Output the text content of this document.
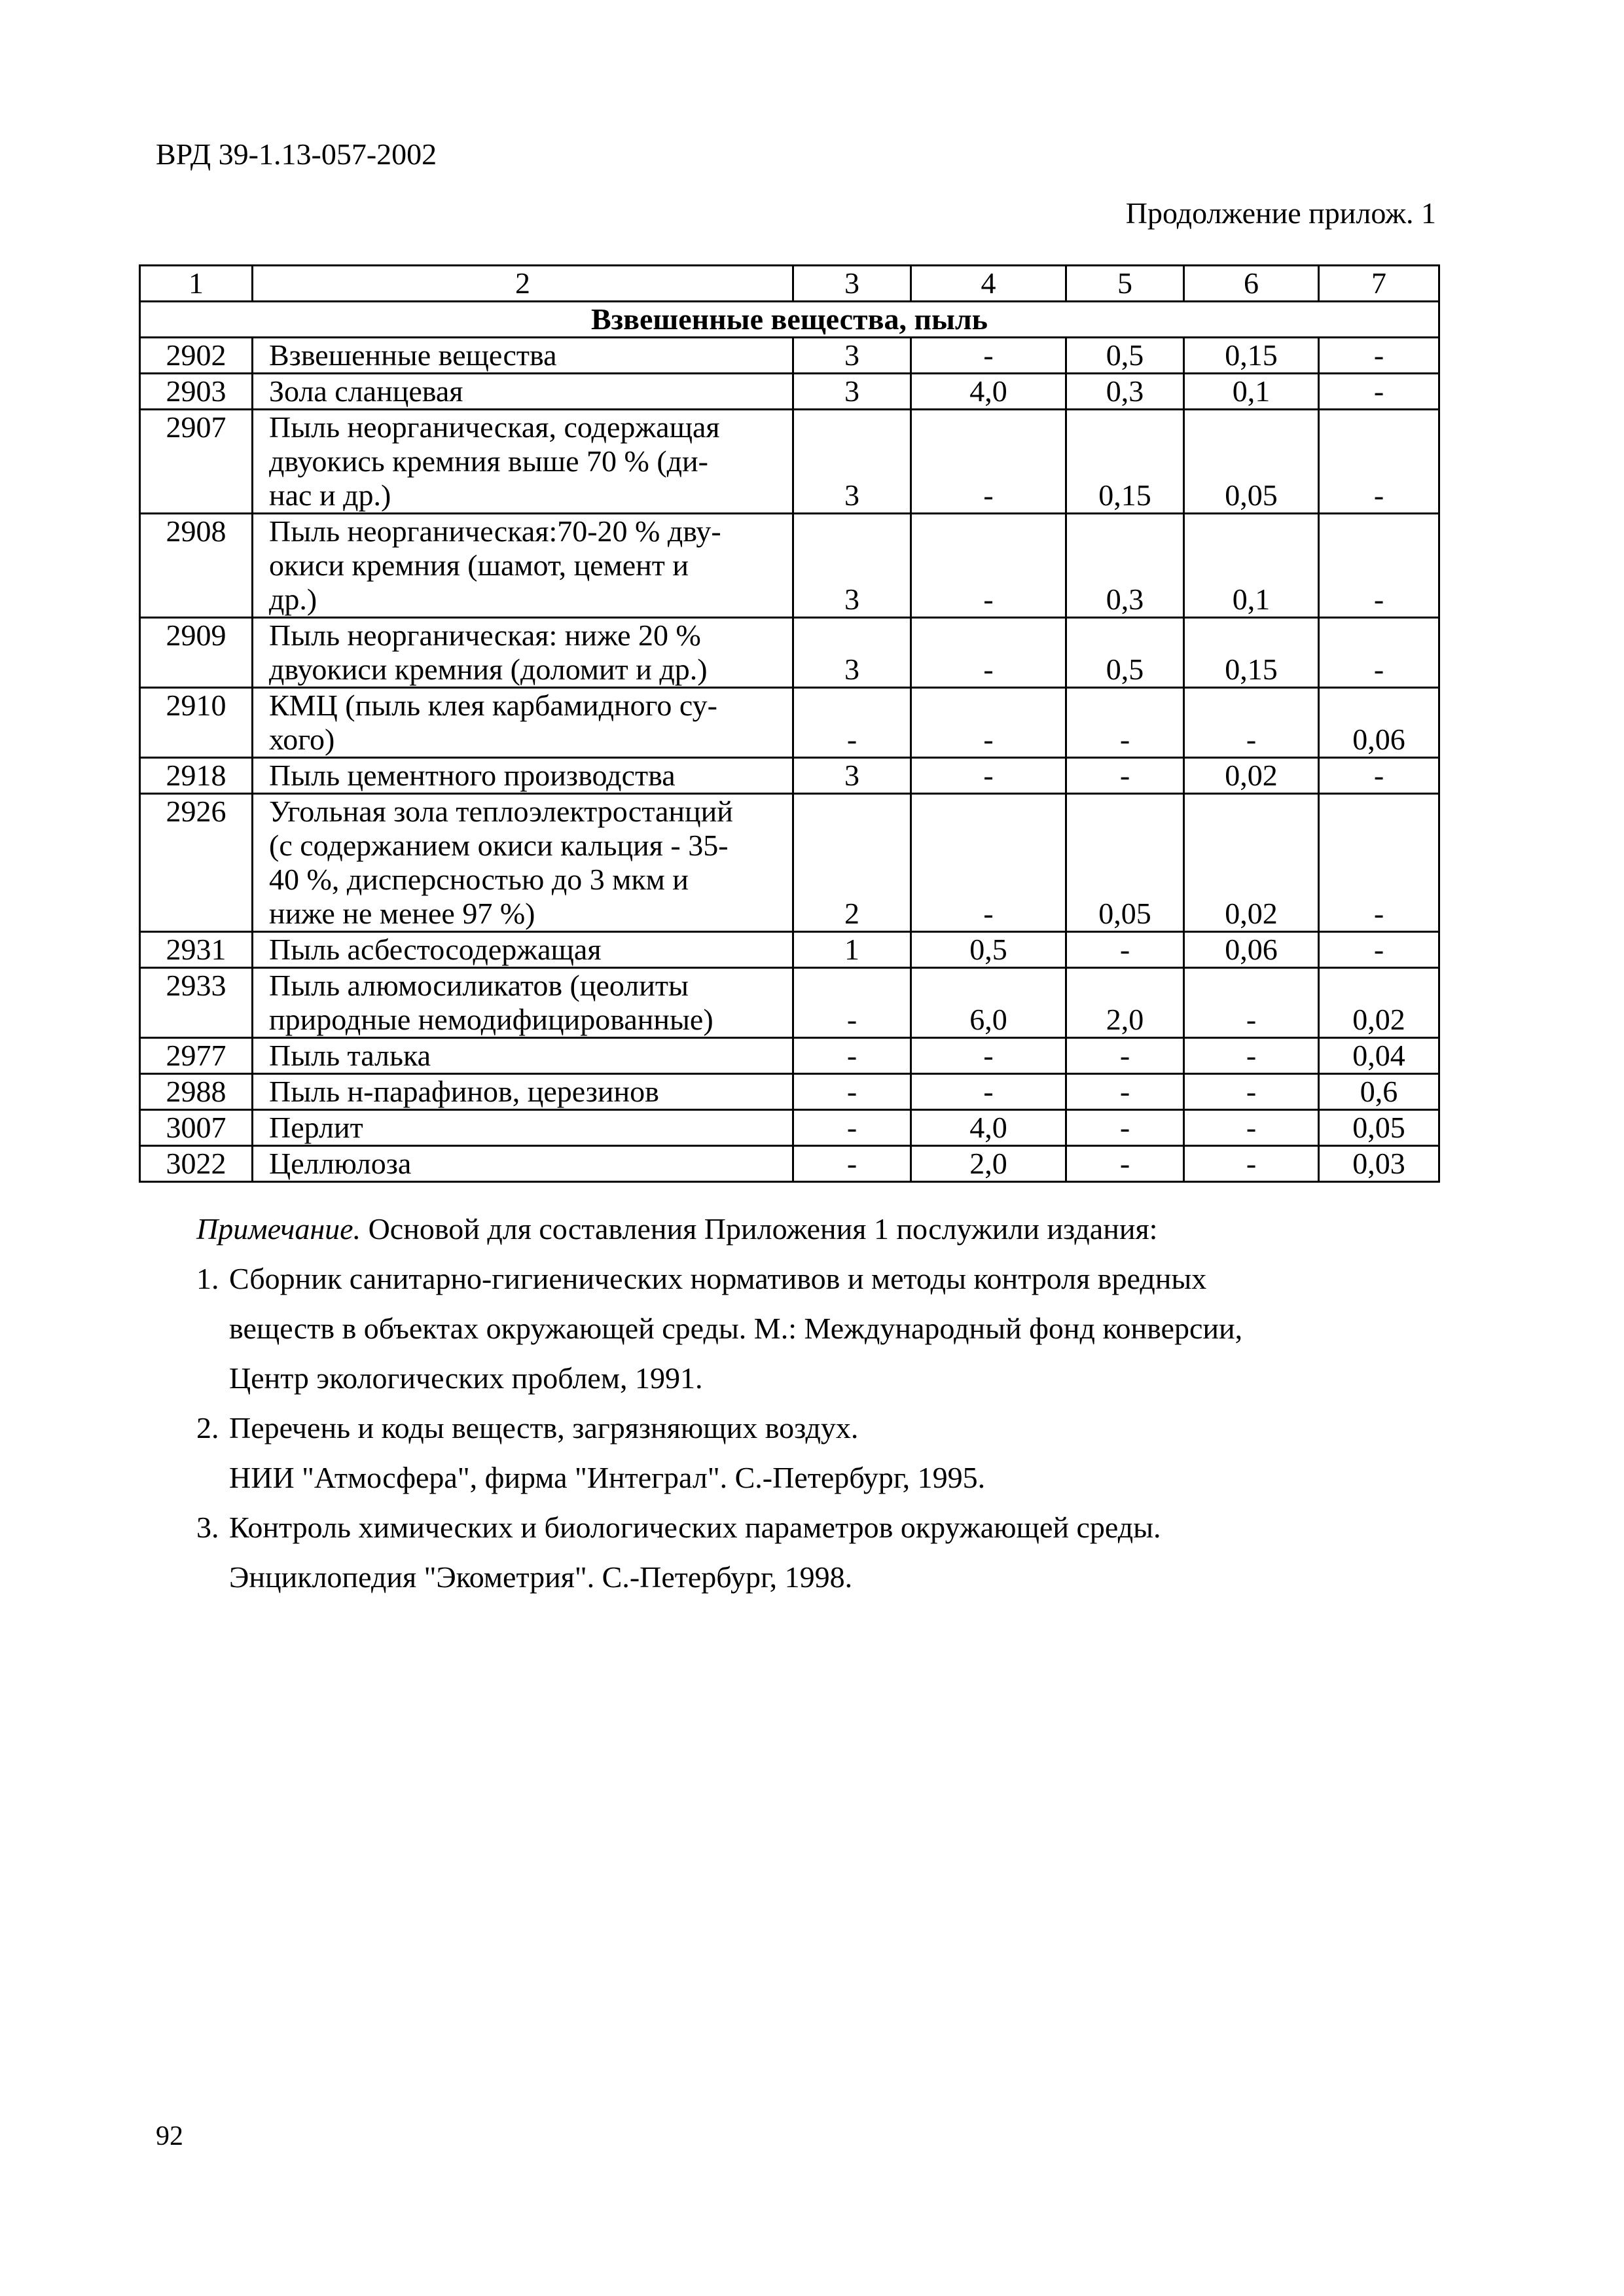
ВРД 39-1.13-057-2002
Продолжение прилож. 1
1	2	3	4	5	6	7
Взвешенные вещества, пыль						
2902	Взвешенные вещества	3	-	0,5	0,15	-
2903	Зола сланцевая	3	4,0	0,3	0,1	-
2907	Пыль неорганическая, содержащая
двуокись кремния выше 70 % (ди-
нас и др.)	3	-	0,15	0,05	-
2908	Пыль неорганическая:70-20 % дву-
окиси кремния (шамот, цемент и
др.)	3	-	0,3	0,1	-
2909	Пыль неорганическая: ниже 20 %
двуокиси кремния (доломит и др.)	3	-	0,5	0,15	-
2910	КМЦ (пыль клея карбамидного су-
хого)	-	-	-	-	0,06
2918	Пыль цементного производства	3	-	-	0,02	-
2926	Угольная зола теплоэлектростанций
(с содержанием окиси кальция - 35-
40 %, дисперсностью до 3 мкм и
ниже не менее 97 %)	2	-	0,05	0,02	-
2931	Пыль асбестосодержащая	1	0,5	-	0,06	-
2933	Пыль алюмосиликатов (цеолиты
природные немодифицированные)	-	6,0	2,0	-	0,02
2977	Пыль талька	-	-	-	-	0,04
2988	Пыль н-парафинов, церезинов	-	-	-	-	0,6
3007	Перлит	-	4,0	-	-	0,05
3022	Целлюлоза	-	2,0	-	-	0,03

Примечание. Основой для составления Приложения 1 послужили издания:

1. Сборник санитарно-гигиенических нормативов и методы контроля вредных
веществ в объектах окружающей среды. М.: Международный фонд конверсии,
Центр экологических проблем, 1991.
2. Перечень и коды веществ, загрязняющих воздух.
НИИ "Атмосфера", фирма "Интеграл". С.-Петербург, 1995.
3. Контроль химических и биологических параметров окружающей среды.
Энциклопедия "Экометрия". С.-Петербург, 1998.
92
